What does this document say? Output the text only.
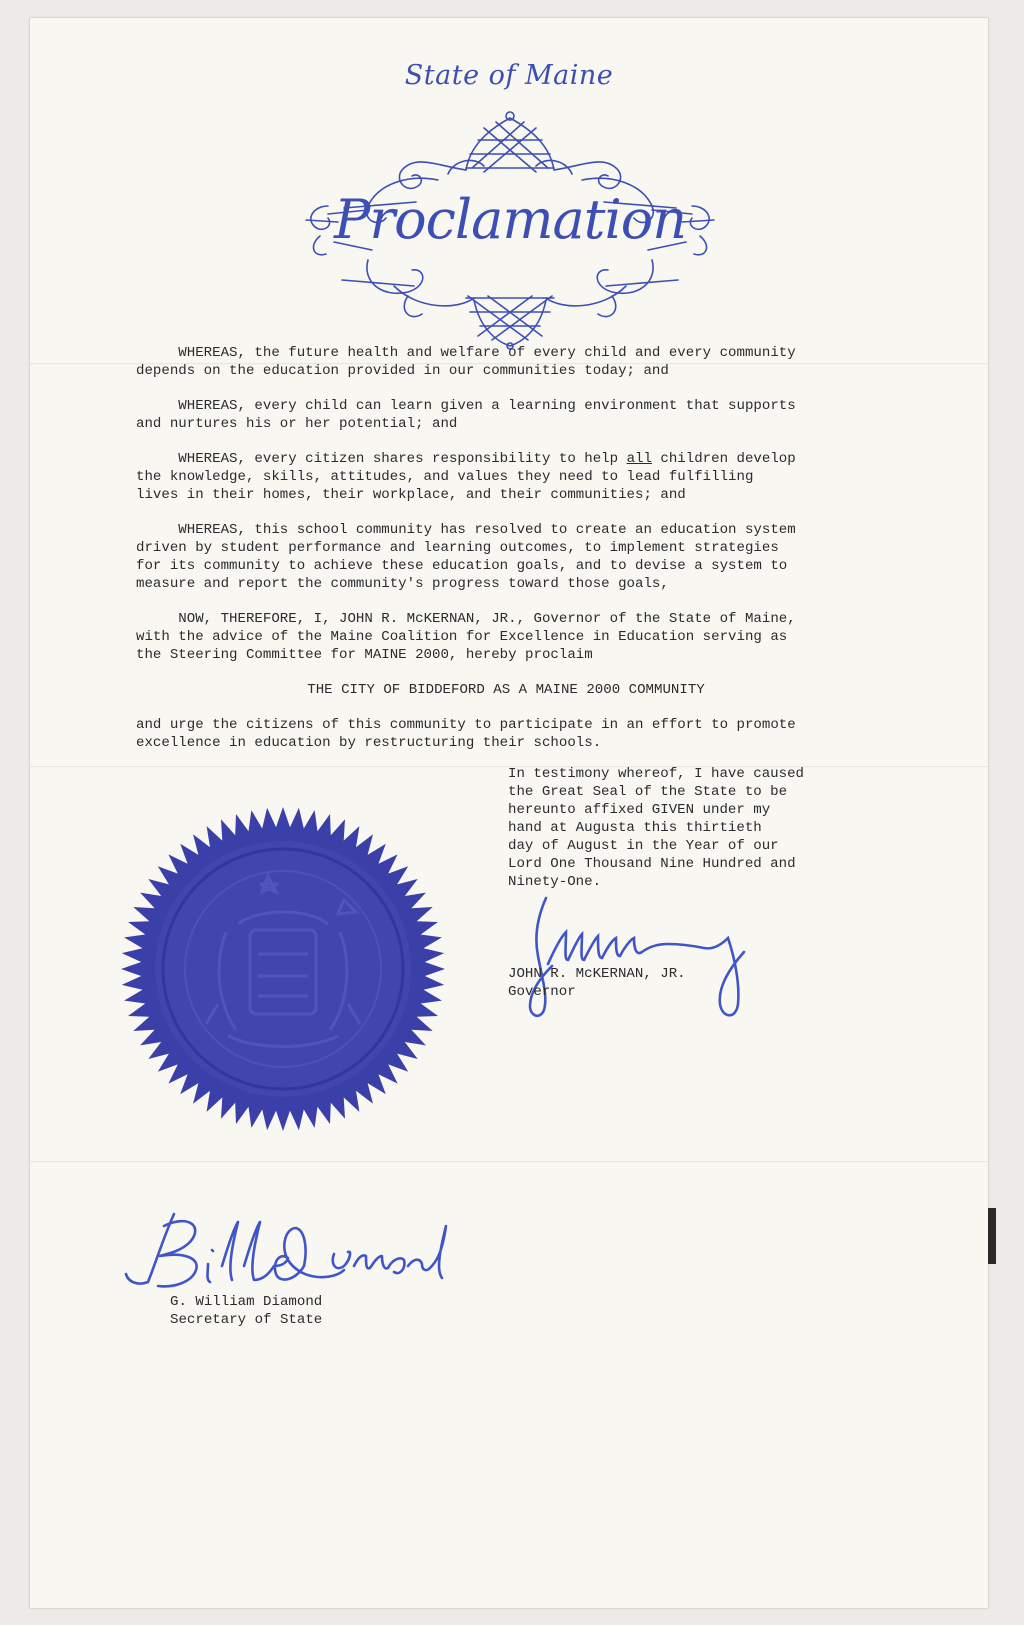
State of Maine
Proclamation

WHEREAS, the future health and welfare of every child and every community
depends on the education provided in our communities today; and

WHEREAS, every child can learn given a learning environment that supports
and nurtures his or her potential; and

WHEREAS, every citizen shares responsibility to help all children develop
the knowledge, skills, attitudes, and values they need to lead fulfilling
lives in their homes, their workplace, and their communities; and

WHEREAS, this school community has resolved to create an education system
driven by student performance and learning outcomes, to implement strategies
for its community to achieve these education goals, and to devise a system to
measure and report the community's progress toward those goals,

NOW, THEREFORE, I, JOHN R. McKERNAN, JR., Governor of the State of Maine,
with the advice of the Maine Coalition for Excellence in Education serving as
the Steering Committee for MAINE 2000, hereby proclaim

THE CITY OF BIDDEFORD AS A MAINE 2000 COMMUNITY

and urge the citizens of this community to participate in an effort to promote
excellence in education by restructuring their schools.

In testimony whereof, I have caused
the Great Seal of the State to be
hereunto affixed GIVEN under my
hand at Augusta this thirtieth
day of August in the Year of our
Lord One Thousand Nine Hundred and
Ninety-One.
JOHN R. McKERNAN, JR.
Governor
G. William Diamond
Secretary of State
